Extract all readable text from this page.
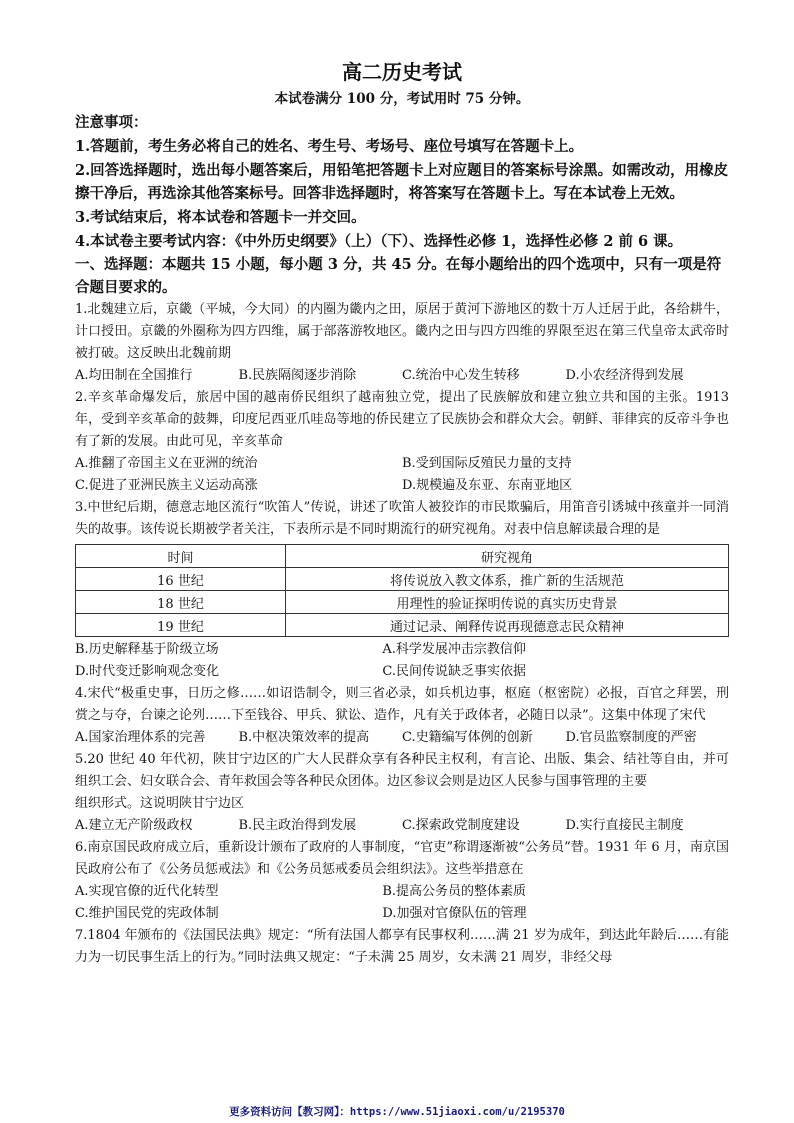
高二历史考试
本试卷满分 100 分，考试用时 75 分钟。
注意事项：
1.答题前，考生务必将自己的姓名、考生号、考场号、座位号填写在答题卡上。
2.回答选择题时，选出每小题答案后，用铅笔把答题卡上对应题目的答案标号涂黑。如需改动，用橡皮擦干净后，再选涂其他答案标号。回答非选择题时，将答案写在答题卡上。写在本试卷上无效。
3.考试结束后，将本试卷和答题卡一并交回。
4.本试卷主要考试内容：《中外历史纲要》（上）（下）、选择性必修 1，选择性必修 2 前 6 课。
一、选择题：本题共 15 小题，每小题 3 分，共 45 分。在每小题给出的四个选项中，只有一项是符合题目要求的。
1.北魏建立后，京畿（平城，今大同）的内圈为畿内之田，原居于黄河下游地区的数十万人迁居于此，各给耕牛，计口授田。京畿的外圈称为四方四维，属于部落游牧地区。畿内之田与四方四维的界限至迟在第三代皇帝太武帝时被打破。这反映出北魏前期
A.均田制在全国推行	B.民族隔阂逐步消除	C.统治中心发生转移	D.小农经济得到发展
2.辛亥革命爆发后，旅居中国的越南侨民组织了越南独立党，提出了民族解放和建立独立共和国的主张。1913 年，受到辛亥革命的鼓舞，印度尼西亚爪哇岛等地的侨民建立了民族协会和群众大会。朝鲜、菲律宾的反帝斗争也有了新的发展。由此可见，辛亥革命
A.推翻了帝国主义在亚洲的统治	B.受到国际反殖民力量的支持
C.促进了亚洲民族主义运动高涨	D.规模遍及东亚、东南亚地区
3.中世纪后期，德意志地区流行“吹笛人”传说，讲述了吹笛人被狡诈的市民欺骗后，用笛音引诱城中孩童并一同消失的故事。该传说长期被学者关注，下表所示是不同时期流行的研究视角。对表中信息解读最合理的是
时间	研究视角
16 世纪	将传说放入教文体系，推广新的生活规范
18 世纪	用理性的验证探明传说的真实历史背景
19 世纪	通过记录、阐释传说再现德意志民众精神
B.历史解释基于阶级立场	A.科学发展冲击宗教信仰
D.时代变迁影响观念变化	C.民间传说缺乏事实依据
4.宋代“极重史事，日历之修……如诏诰制令，则三省必录，如兵机边事，枢庭（枢密院）必报，百官之拜罢，刑赏之与夺，台谏之论列……下至钱谷、甲兵、狱讼、造作，凡有关于政体者，必随日以录”。这集中体现了宋代
A.国家治理体系的完善	B.中枢决策效率的提高	C.史籍编写体例的创新	D.官员监察制度的严密
5.20 世纪 40 年代初，陕甘宁边区的广大人民群众享有各种民主权利，有言论、出版、集会、结社等自由，并可组织工会、妇女联合会、青年救国会等各种民众团体。边区参议会则是边区人民参与国事管理的主要
组织形式。这说明陕甘宁边区
A.建立无产阶级政权	B.民主政治得到发展	C.探索政党制度建设	D.实行直接民主制度
6.南京国民政府成立后，重新设计颁布了政府的人事制度，“官吏”称谓逐渐被“公务员”替。1931 年 6 月，南京国民政府公布了《公务员惩戒法》和《公务员惩戒委员会组织法》。这些举措意在
A.实现官僚的近代化转型	B.提高公务员的整体素质
C.维护国民党的宪政体制	D.加强对官僚队伍的管理
7.1804 年颁布的《法国民法典》规定：“所有法国人都享有民事权利……满 21 岁为成年，到达此年龄后……有能力为一切民事生活上的行为。”同时法典又规定：“子未满 25 周岁，女未满 21 周岁，非经父母
更多资料访问【教习网】：https://www.51jiaoxi.com/u/2195370
